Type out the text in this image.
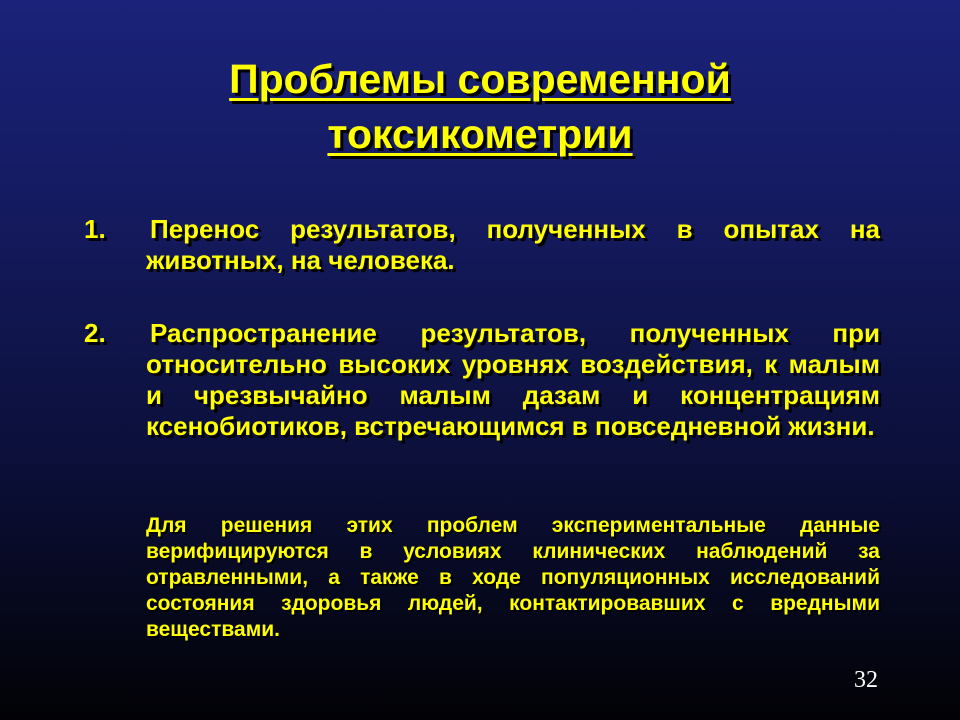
Проблемы современной
токсикометрии
1. Перенос результатов, полученных в опытах на животных, на человека.
2. Распространение результатов, полученных при относительно высоких уровнях воздействия, к малым и чрезвычайно малым дазам и концентрациям ксенобиотиков, встречающимся в повседневной жизни.
Для решения этих проблем экспериментальные данные верифицируются в условиях клинических наблюдений за отравленными, а также в ходе популяционных исследований состояния здоровья людей, контактировавших с вредными веществами.
32
